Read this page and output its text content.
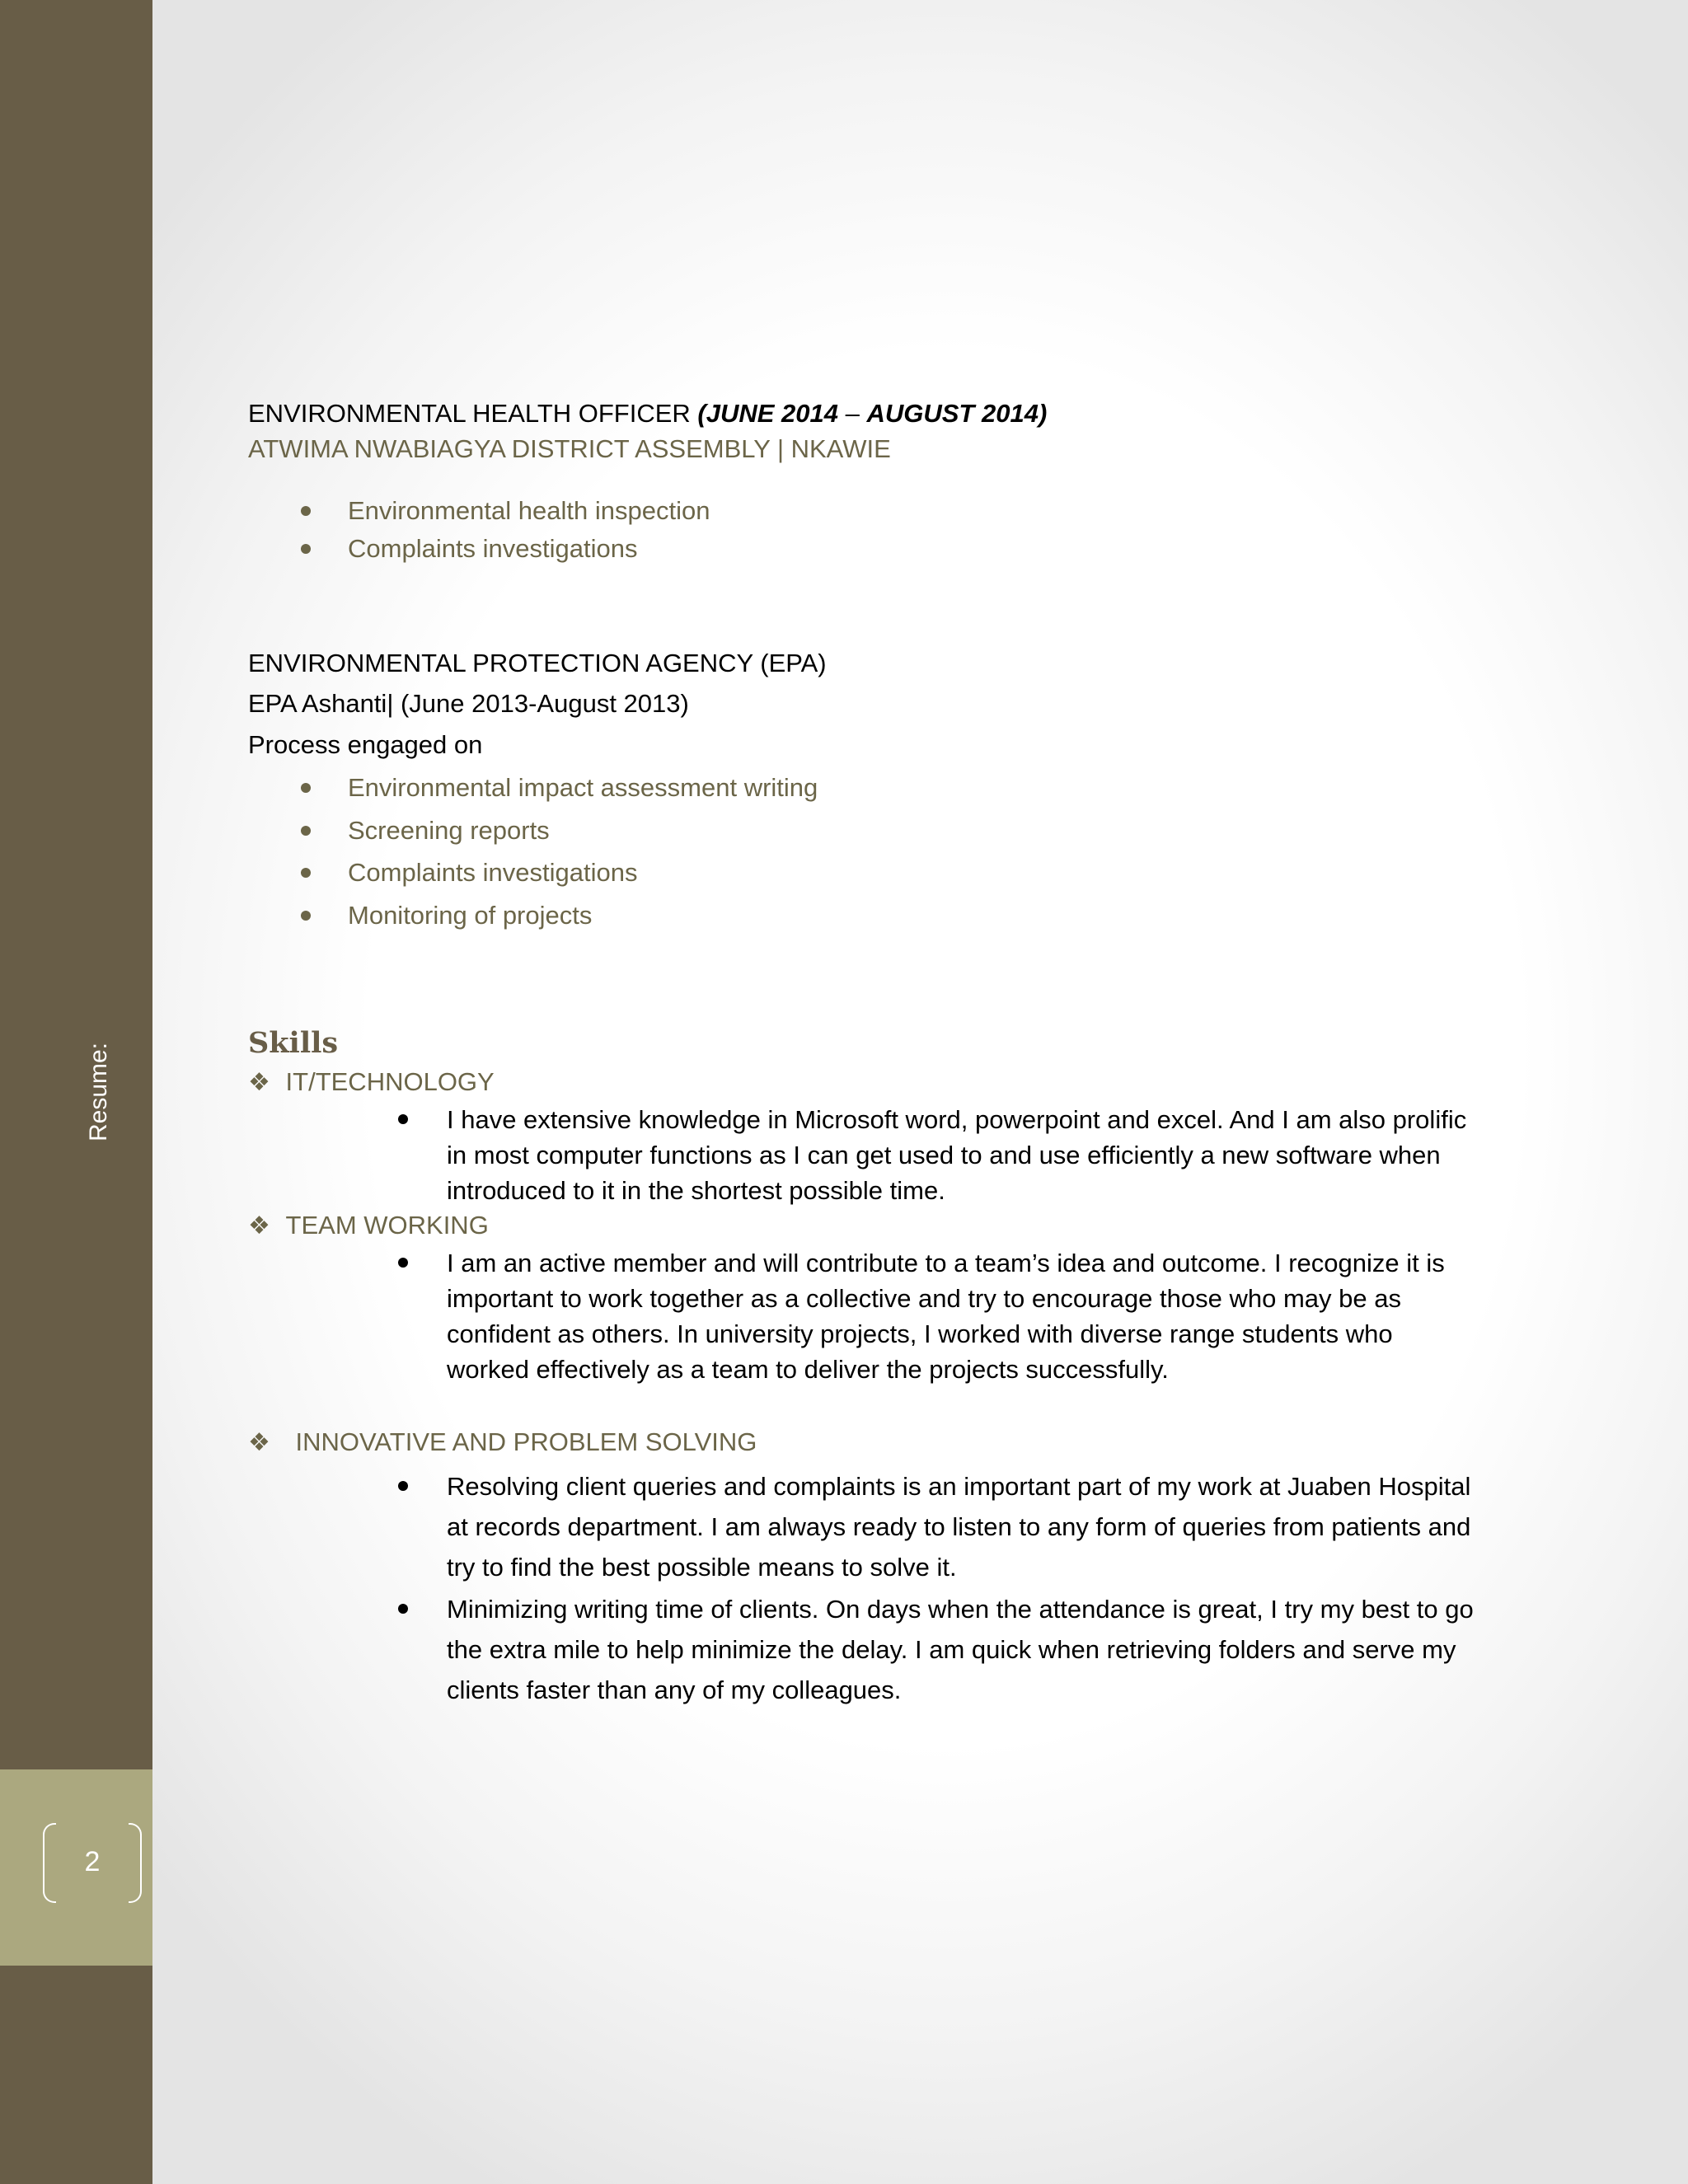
Resume:
2
ENVIRONMENTAL HEALTH OFFICER (JUNE 2014 – AUGUST 2014)
ATWIMA NWABIAGYA DISTRICT ASSEMBLY | NKAWIE
Environmental health inspection
Complaints investigations
ENVIRONMENTAL PROTECTION AGENCY (EPA)
EPA Ashanti| (June 2013-August 2013)
Process engaged on
Environmental impact assessment writing
Screening reports
Complaints investigations
Monitoring of projects
Skills
❖ IT/TECHNOLOGY
I have extensive knowledge in Microsoft word, powerpoint and excel. And I am also prolific in most computer functions as I can get used to and use efficiently a new software when introduced to it in the shortest possible time.
❖ TEAM WORKING
I am an active member and will contribute to a team’s idea and outcome. I recognize it is important to work together as a collective and try to encourage those who may be as confident as others. In university projects, I worked with diverse range students who worked effectively as a team to deliver the projects successfully.
❖ INNOVATIVE AND PROBLEM SOLVING
Resolving client queries and complaints is an important part of my work at Juaben Hospital at records department. I am always ready to listen to any form of queries from patients and try to find the best possible means to solve it.
Minimizing writing time of clients. On days when the attendance is great, I try my best to go the extra mile to help minimize the delay. I am quick when retrieving folders and serve my clients faster than any of my colleagues.
